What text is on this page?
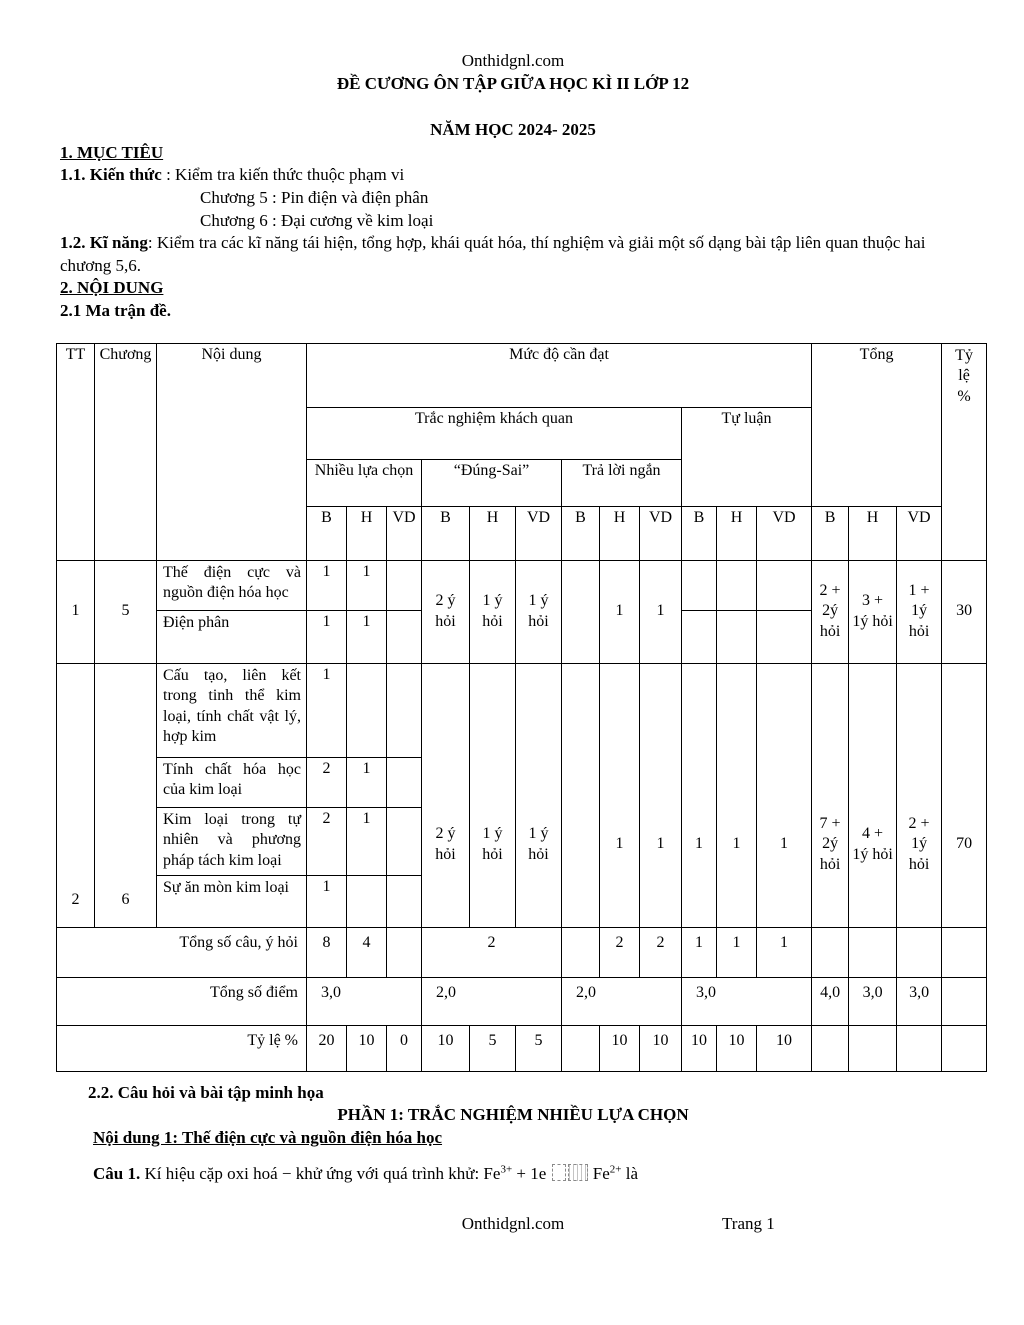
Onthidgnl.com

ĐỀ CƯƠNG ÔN TẬP GIỮA HỌC KÌ II LỚP 12

NĂM HỌC 2024- 2025

1. MỤC TIÊU

1.1. Kiến thức : Kiểm tra kiến thức thuộc phạm vi

Chương 5 : Pin điện và điện phân

Chương 6 : Đại cương về kim loại

1.2. Kĩ năng: Kiểm tra các kĩ năng tái hiện, tổng hợp, khái quát hóa, thí nghiệm và giải một số dạng bài tập liên quan thuộc hai chương 5,6.

2. NỘI DUNG

2.1 Ma trận đề.

TT	Chương	Nội dung	Mức độ cần đạt												Tổng			Tỷ lệ %
			Trắc nghiệm khách quan									Tự luận						
			Nhiều lựa chọn			“Đúng-Sai”			Trả lời ngắn									
			B	H	VD	B	H	VD	B	H	VD	B	H	VD	B	H	VD	
1	5	Thế điện cực và nguồn điện hóa học	1	1		2 ý hỏi	1 ý hỏi	1 ý hỏi		1	1				2 + 2ý hỏi	3 + 1ý hỏi	1 + 1ý hỏi	30
		Điện phân	1	1														
2	6	Cấu tạo, liên kết trong tinh thể kim loại, tính chất vật lý, hợp kim	1			2 ý hỏi	1 ý hỏi	1 ý hỏi		1	1	1	1	1	7 + 2ý hỏi	4 + 1ý hỏi	2 + 1ý hỏi	70
		Tính chất hóa học của kim loại	2	1														
		Kim loại trong tự nhiên và phương pháp tách kim loại	2	1														
		Sự ăn mòn kim loại	1															
Tổng số câu, ý hỏi			8	4		2				2	2	1	1	1				
Tổng số điểm			3,0			2,0			2,0			3,0			4,0	3,0	3,0	
Tỷ lệ %			20	10	0	10	5	5		10	10	10	10	10				

2.2. Câu hỏi và bài tập minh họa

PHẦN 1: TRẮC NGHIỆM NHIỀU LỰA CHỌN

Nội dung 1: Thế điện cực và nguồn điện hóa học

Câu 1. Kí hiệu cặp oxi hoá − khử ứng với quá trình khử: $Fe^{3+} + 1e$  $Fe^{2+}$ là

Onthidgnl.com	Trang 1
